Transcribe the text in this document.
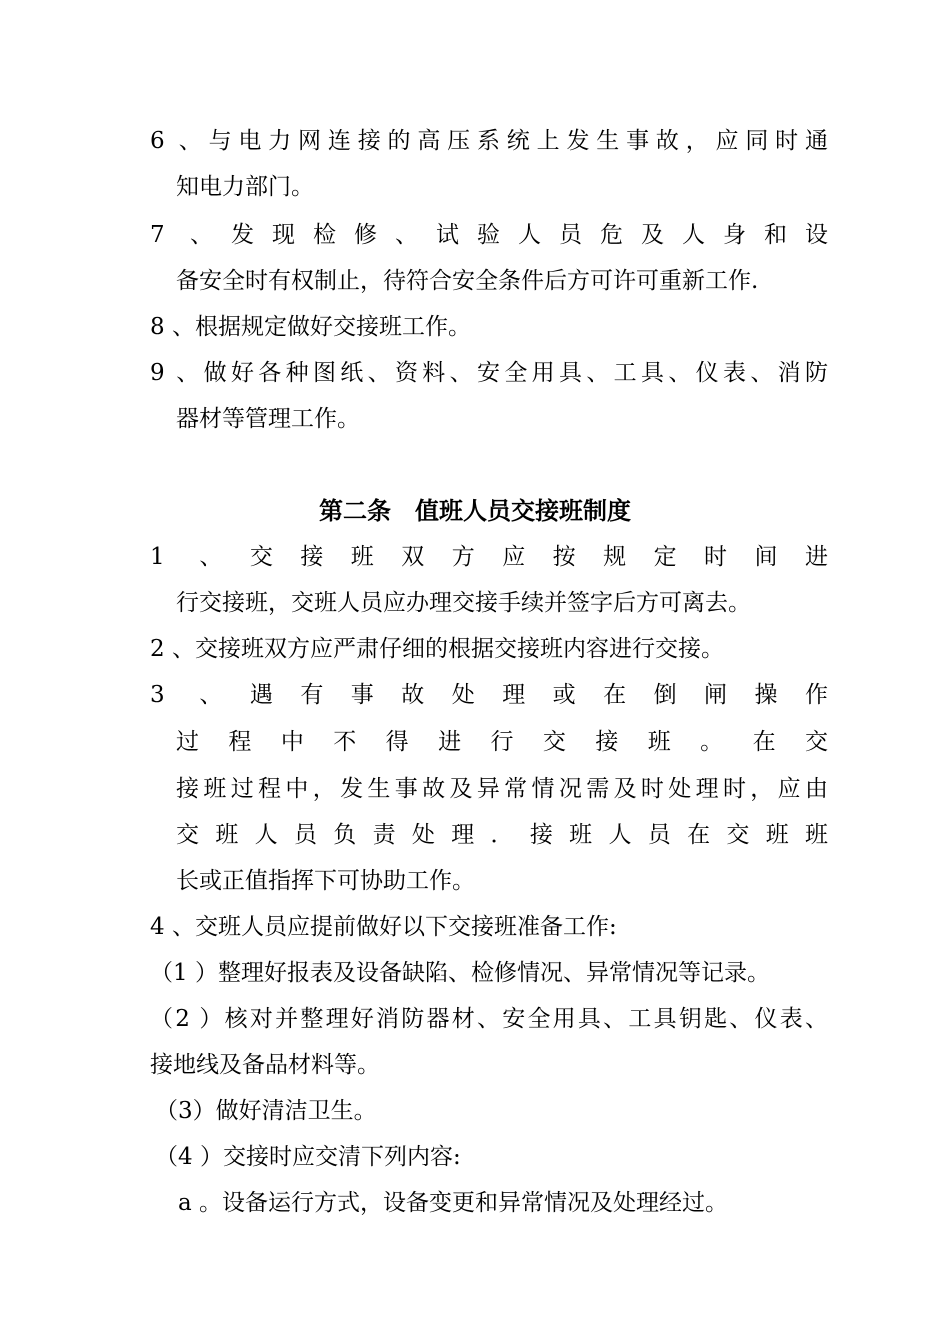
6 、与电力网连接的高压系统上发生事故，应同时通
知电力部门。
7 、发现检修、试验人员危及人身和设
备安全时有权制止，待符合安全条件后方可许可重新工作.
8 、根据规定做好交接班工作。
9 、做好各种图纸、资料、安全用具、工具、仪表、消防
器材等管理工作。
第二条　值班人员交接班制度
1 、交接班双方应按规定时间进
行交接班，交班人员应办理交接手续并签字后方可离去。
2 、交接班双方应严肃仔细的根据交接班内容进行交接。
3 、遇有事故处理或在倒闸操作
过程中不得进行交接班。在交
接班过程中，发生事故及异常情况需及时处理时，应由
交班人员负责处理．接班人员在交班班
长或正值指挥下可协助工作。
4 、交班人员应提前做好以下交接班准备工作:
（1 ）整理好报表及设备缺陷、检修情况、异常情况等记录。
（2 ）核对并整理好消防器材、安全用具、工具钥匙、仪表、
接地线及备品材料等。
（3）做好清洁卫生。
（4 ）交接时应交清下列内容:
a 。设备运行方式，设备变更和异常情况及处理经过。
